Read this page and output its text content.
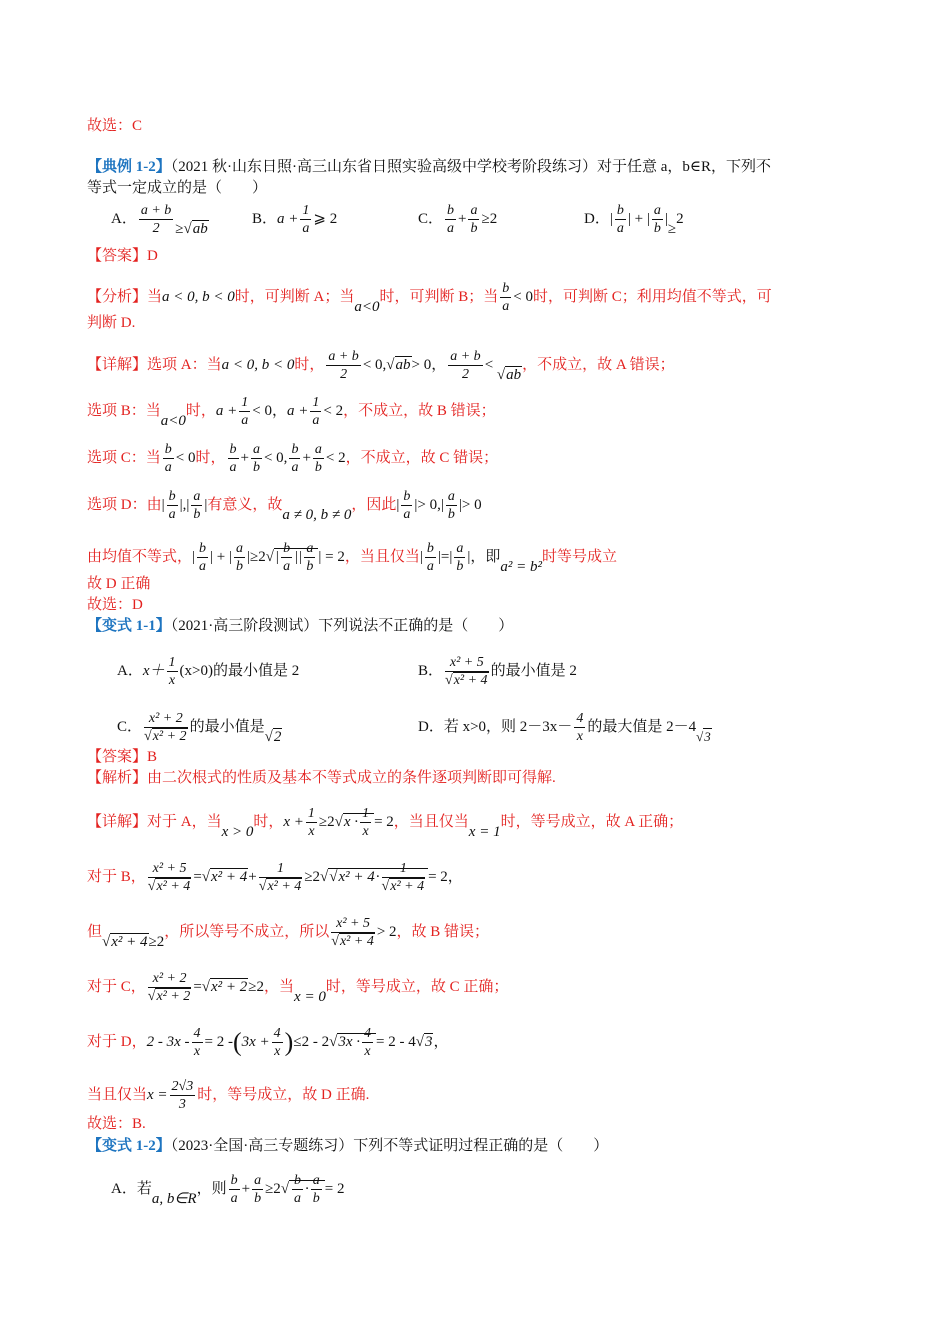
故选：C
【典例 1-2】（2021 秋·山东日照·高三山东省日照实验高级中学校考阶段练习）对于任意 a，b∈R，下列不
等式一定成立的是（　　）
A． $\frac{a + b}{2} \ge√ab$
B．$a + \frac{1}{a}$ ⩾ 2	C． $\frac{b}{a} + \frac{a}{b} \ge 2$	D．| $\frac{b}{a}$ | + | $\frac{a}{b} |\ge 2$
【答案】D
【分析】当a < 0, b < 0时，可判断 A；当a<0时，可判断 B；当 $\frac{b}{a} < 0$时，可判断 C；利用均值不等式，可
判断 D.
【详解】选项 A：当a < 0, b < 0时， $\frac{a + b}{2} < 0,√ab> 0$， $\frac{a + b}{2} < √ab$，不成立，故 A 错误；
选项 B：当a<0时，$a + \frac{1}{a} < 0$，$a + \frac{1}{a} < 2$，不成立，故 B 错误；
选项 C：当 $\frac{b}{a} < 0$时， $\frac{b}{a} + \frac{a}{b} < 0$, $\frac{b}{a} + \frac{a}{b} < 2$，不成立，故 C 错误；
选项 D：由| $\frac{b}{a}$ |,| $\frac{a}{b}$ |有意义，故a ≠ 0, b ≠ 0，因此| $\frac{b}{a}$ |> $0,| \frac{a}{b}$ |> 0
由均值不等式，| $\frac{b}{a}$ | + | $\frac{a}{b} |\ge 2√| \frac{b}{a}$ || $\frac{a}{b}$ | = 2，当且仅当| $\frac{b}{a}$ |=| $\frac{a}{b}$ |，即a² = b²时等号成立
故 D 正确
故选：D
【变式 1-1】（2021·高三阶段测试）下列说法不正确的是（　　）
A．$x+ \frac{1}{x} (x>0)$的最小值是 2	B． $\frac{\text{x² + 5}}{\text{√x² + 4}}$ 的最小值是 2
C． $\frac{\text{x² + 2}}{\text{√x² + 2}}$ 的最小值是√2
D．若 x>0，则 $2-3x- \frac{4}{x}$ 的最大值是 2－4√3
【答案】B
【解析】由二次根式的性质及基本不等式成立的条件逐项判断即可得解.
【详解】对于 A，当x > 0时，$x + \frac{1}{x} \ge 2√x \cdot \frac{1}{x} = 2$，当且仅当x = 1时，等号成立，故 A 正确；
对于 B， $\frac{\text{x² + 5}}{\text{√x² + 4}} =√x^2 + 4+ \frac{1}{\text{√x² + 4}} \ge 2√√x^2 + 4\cdot \frac{1}{\text{√x² + 4}} = 2$，
但√x² + 4≥2，所以等号不成立，所以 $\frac{\text{x² + 5}}{\text{√x² + 4}} > 2$，故 B 错误；
对于 C， $\frac{\text{x² + 2}}{\text{√x² + 2}} =√x^2 + 2\ge 2$，当x = 0时，等号成立，故 C 正确；
对于 D，$2 - 3x - \frac{4}{x} = 2$ $-(3x + \frac{4}{x} )\le 2 - 2√3x \cdot \frac{4}{x} = 2 - 4√3$，
当且仅当$x = \frac{2√3}{3}$ 时，等号成立，故 D 正确.
故选：B.
【变式 1-2】（2023·全国·高三专题练习）下列不等式证明过程正确的是（　　）
A．若a, b∈R，则 $\frac{b}{a} + \frac{a}{b} \ge 2√ \frac{b}{a} \cdot \frac{a}{b} = 2$
